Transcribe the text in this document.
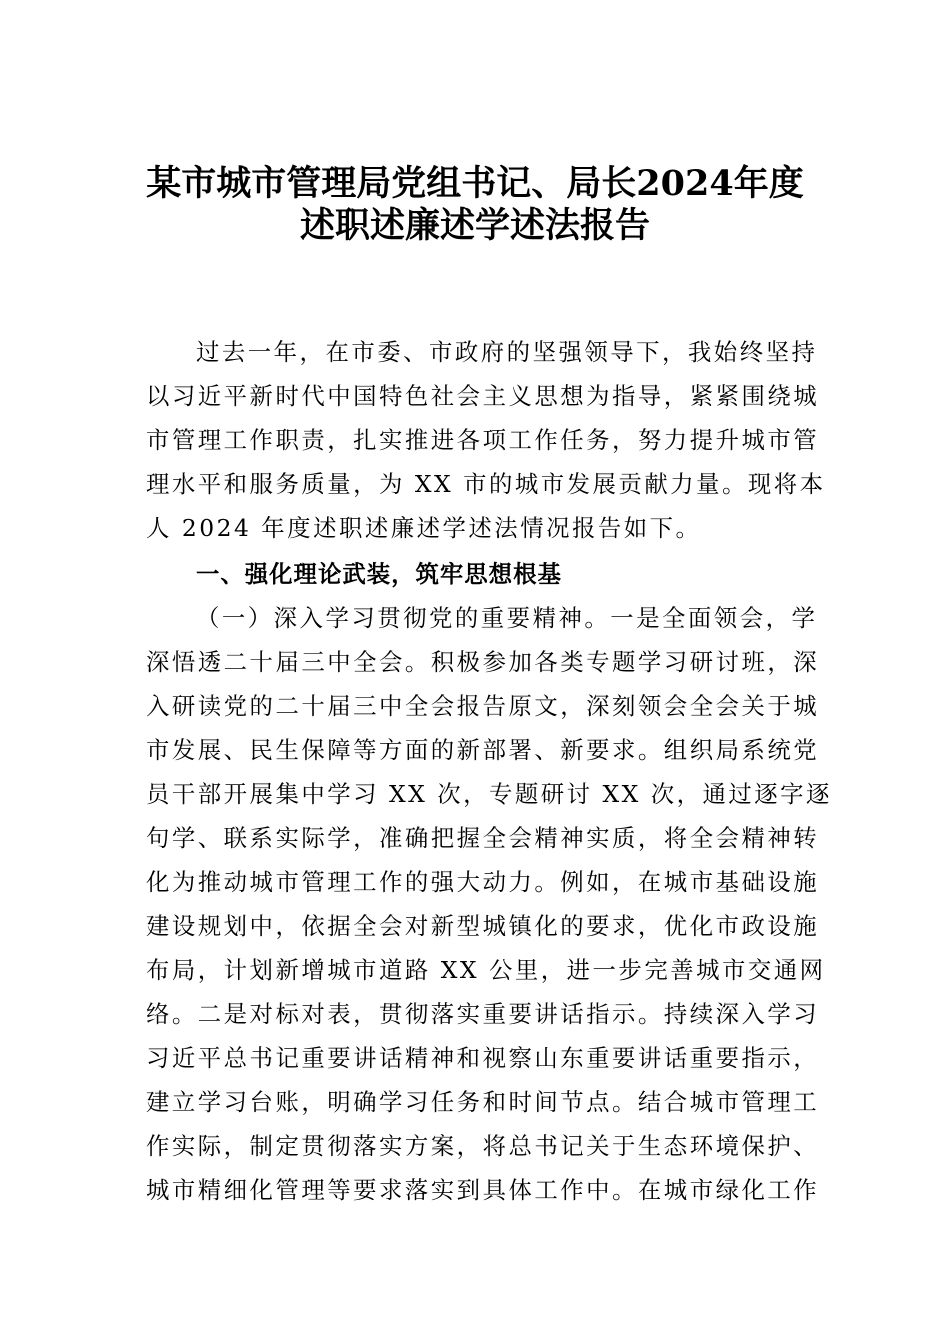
某市城市管理局党组书记、局长2024年度
述职述廉述学述法报告
过去一年，在市委、市政府的坚强领导下，我始终坚持
以习近平新时代中国特色社会主义思想为指导，紧紧围绕城
市管理工作职责，扎实推进各项工作任务，努力提升城市管
理水平和服务质量，为 XX 市的城市发展贡献力量。现将本
人 2024 年度述职述廉述学述法情况报告如下。
一、强化理论武装，筑牢思想根基
（一）深入学习贯彻党的重要精神。一是全面领会，学
深悟透二十届三中全会。积极参加各类专题学习研讨班，深
入研读党的二十届三中全会报告原文，深刻领会全会关于城
市发展、民生保障等方面的新部署、新要求。组织局系统党
员干部开展集中学习 XX 次，专题研讨 XX 次，通过逐字逐
句学、联系实际学，准确把握全会精神实质，将全会精神转
化为推动城市管理工作的强大动力。例如，在城市基础设施
建设规划中，依据全会对新型城镇化的要求，优化市政设施
布局，计划新增城市道路 XX 公里，进一步完善城市交通网
络。二是对标对表，贯彻落实重要讲话指示。持续深入学习
习近平总书记重要讲话精神和视察山东重要讲话重要指示，
建立学习台账，明确学习任务和时间节点。结合城市管理工
作实际，制定贯彻落实方案，将总书记关于生态环境保护、
城市精细化管理等要求落实到具体工作中。在城市绿化工作
